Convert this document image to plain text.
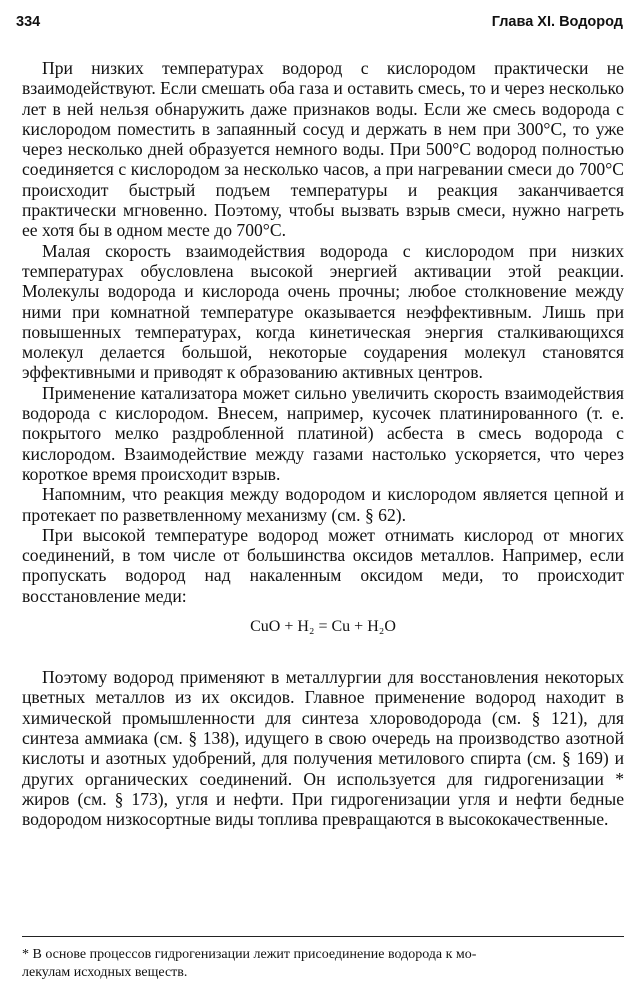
334	Глава XI. Водород

При низких температурах водород с кислородом практически не взаимодействуют. Если смешать оба газа и оставить смесь, то и через несколько лет в ней нельзя обнаружить даже признаков воды. Если же смесь водорода с кислородом поместить в запаянный сосуд и держать в нем при 300°С, то уже через несколько дней образуется немного воды. При 500°С водород полностью соединяется с кислородом за несколько часов, а при нагревании смеси до 700°С происходит быстрый подъем температуры и реакция заканчивается практически мгновенно. Поэтому, чтобы вызвать взрыв смеси, нужно нагреть ее хотя бы в одном месте до 700°С.

Малая скорость взаимодействия водорода с кислородом при низких температурах обусловлена высокой энергией активации этой реакции. Молекулы водорода и кислорода очень прочны; любое столкновение между ними при комнатной температуре оказывается неэффективным. Лишь при повышенных температурах, когда кинетическая энергия сталкивающихся молекул делается большой, некоторые соударения молекул становятся эффективными и приводят к образованию активных центров.

Применение катализатора может сильно увеличить скорость взаимодействия водорода с кислородом. Внесем, например, кусочек платинированного (т. е. покрытого мелко раздробленной платиной) асбеста в смесь водорода с кислородом. Взаимодействие между газами настолько ускоряется, что через короткое время происходит взрыв.

Напомним, что реакция между водородом и кислородом является цепной и протекает по разветвленному механизму (см. § 62).

При высокой температуре водород может отнимать кислород от многих соединений, в том числе от большинства оксидов металлов. Например, если пропускать водород над накаленным оксидом меди, то происходит восстановление меди:

CuO + H₂ = Cu + H₂O

Поэтому водород применяют в металлургии для восстановления некоторых цветных металлов из их оксидов. Главное применение водород находит в химической промышленности для синтеза хлороводорода (см. § 121), для синтеза аммиака (см. § 138), идущего в свою очередь на производство азотной кислоты и азотных удобрений, для получения метилового спирта (см. § 169) и других органических соединений. Он используется для гидрогенизации * жиров (см. § 173), угля и нефти. При гидрогенизации угля и нефти бедные водородом низкосортные виды топлива превращаются в высококачественные.

* В основе процессов гидрогенизации лежит присоединение водорода к мо-
лекулам исходных веществ.
